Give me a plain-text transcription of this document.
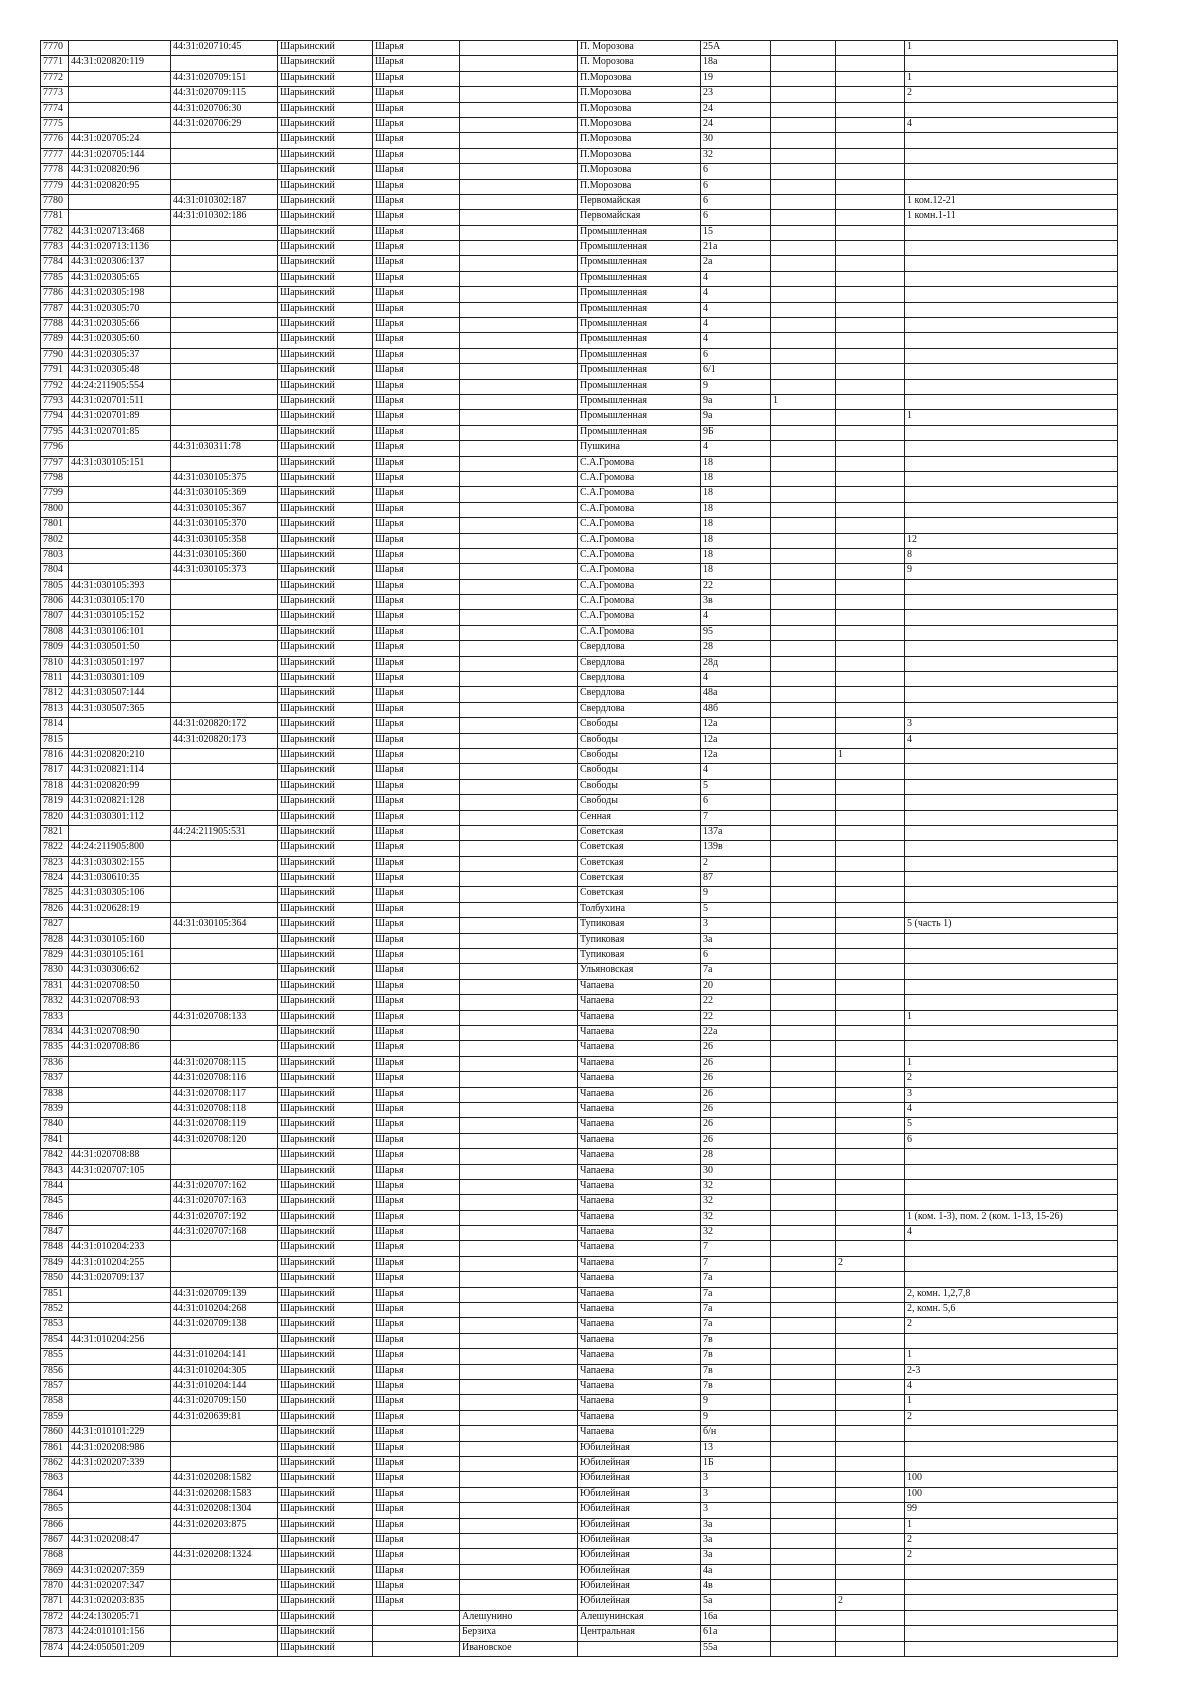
7770		44:31:020710:45	Шарьинский	Шарья		П. Морозова	25А			1
7771	44:31:020820:119		Шарьинский	Шарья		П. Морозова	18а			
7772		44:31:020709:151	Шарьинский	Шарья		П.Морозова	19			1
7773		44:31:020709:115	Шарьинский	Шарья		П.Морозова	23			2
7774		44:31:020706:30	Шарьинский	Шарья		П.Морозова	24			
7775		44:31:020706:29	Шарьинский	Шарья		П.Морозова	24			4
7776	44:31:020705:24		Шарьинский	Шарья		П.Морозова	30			
7777	44:31:020705:144		Шарьинский	Шарья		П.Морозова	32			
7778	44:31:020820:96		Шарьинский	Шарья		П.Морозова	6			
7779	44:31:020820:95		Шарьинский	Шарья		П.Морозова	6			
7780		44:31:010302:187	Шарьинский	Шарья		Первомайская	6			1 ком.12-21
7781		44:31:010302:186	Шарьинский	Шарья		Первомайская	6			1 комн.1-11
7782	44:31:020713:468		Шарьинский	Шарья		Промышленная	15			
7783	44:31:020713:1136		Шарьинский	Шарья		Промышленная	21а			
7784	44:31:020306:137		Шарьинский	Шарья		Промышленная	2а			
7785	44:31:020305:65		Шарьинский	Шарья		Промышленная	4			
7786	44:31:020305:198		Шарьинский	Шарья		Промышленная	4			
7787	44:31:020305:70		Шарьинский	Шарья		Промышленная	4			
7788	44:31:020305:66		Шарьинский	Шарья		Промышленная	4			
7789	44:31:020305:60		Шарьинский	Шарья		Промышленная	4			
7790	44:31:020305:37		Шарьинский	Шарья		Промышленная	6			
7791	44:31:020305:48		Шарьинский	Шарья		Промышленная	6/1			
7792	44:24:211905:554		Шарьинский	Шарья		Промышленная	9			
7793	44:31:020701:511		Шарьинский	Шарья		Промышленная	9а	1		
7794	44:31:020701:89		Шарьинский	Шарья		Промышленная	9а			1
7795	44:31:020701:85		Шарьинский	Шарья		Промышленная	9Б			
7796		44:31:030311:78	Шарьинский	Шарья		Пушкина	4			
7797	44:31:030105:151		Шарьинский	Шарья		С.А.Громова	18			
7798		44:31:030105:375	Шарьинский	Шарья		С.А.Громова	18			
7799		44:31:030105:369	Шарьинский	Шарья		С.А.Громова	18			
7800		44:31:030105:367	Шарьинский	Шарья		С.А.Громова	18			
7801		44:31:030105:370	Шарьинский	Шарья		С.А.Громова	18			
7802		44:31:030105:358	Шарьинский	Шарья		С.А.Громова	18			12
7803		44:31:030105:360	Шарьинский	Шарья		С.А.Громова	18			8
7804		44:31:030105:373	Шарьинский	Шарья		С.А.Громова	18			9
7805	44:31:030105:393		Шарьинский	Шарья		С.А.Громова	22			
7806	44:31:030105:170		Шарьинский	Шарья		С.А.Громова	3в			
7807	44:31:030105:152		Шарьинский	Шарья		С.А.Громова	4			
7808	44:31:030106:101		Шарьинский	Шарья		С.А.Громова	95			
7809	44:31:030501:50		Шарьинский	Шарья		Свердлова	28			
7810	44:31:030501:197		Шарьинский	Шарья		Свердлова	28д			
7811	44:31:030301:109		Шарьинский	Шарья		Свердлова	4			
7812	44:31:030507:144		Шарьинский	Шарья		Свердлова	48а			
7813	44:31:030507:365		Шарьинский	Шарья		Свердлова	48б			
7814		44:31:020820:172	Шарьинский	Шарья		Свободы	12а			3
7815		44:31:020820:173	Шарьинский	Шарья		Свободы	12а			4
7816	44:31:020820:210		Шарьинский	Шарья		Свободы	12а		1	
7817	44:31:020821:114		Шарьинский	Шарья		Свободы	4			
7818	44:31:020820:99		Шарьинский	Шарья		Свободы	5			
7819	44:31:020821:128		Шарьинский	Шарья		Свободы	6			
7820	44:31:030301:112		Шарьинский	Шарья		Сенная	7			
7821		44:24:211905:531	Шарьинский	Шарья		Советская	137а			
7822	44:24:211905:800		Шарьинский	Шарья		Советская	139в			
7823	44:31:030302:155		Шарьинский	Шарья		Советская	2			
7824	44:31:030610:35		Шарьинский	Шарья		Советская	87			
7825	44:31:030305:106		Шарьинский	Шарья		Советская	9			
7826	44:31:020628:19		Шарьинский	Шарья		Толбухина	5			
7827		44:31:030105:364	Шарьинский	Шарья		Тупиковая	3			5 (часть 1)
7828	44:31:030105:160		Шарьинский	Шарья		Тупиковая	3а			
7829	44:31:030105:161		Шарьинский	Шарья		Тупиковая	6			
7830	44:31:030306:62		Шарьинский	Шарья		Ульяновская	7а			
7831	44:31:020708:50		Шарьинский	Шарья		Чапаева	20			
7832	44:31:020708:93		Шарьинский	Шарья		Чапаева	22			
7833		44:31:020708:133	Шарьинский	Шарья		Чапаева	22			1
7834	44:31:020708:90		Шарьинский	Шарья		Чапаева	22а			
7835	44:31:020708:86		Шарьинский	Шарья		Чапаева	26			
7836		44:31:020708:115	Шарьинский	Шарья		Чапаева	26			1
7837		44:31:020708:116	Шарьинский	Шарья		Чапаева	26			2
7838		44:31:020708:117	Шарьинский	Шарья		Чапаева	26			3
7839		44:31:020708:118	Шарьинский	Шарья		Чапаева	26			4
7840		44:31:020708:119	Шарьинский	Шарья		Чапаева	26			5
7841		44:31:020708:120	Шарьинский	Шарья		Чапаева	26			6
7842	44:31:020708:88		Шарьинский	Шарья		Чапаева	28			
7843	44:31:020707:105		Шарьинский	Шарья		Чапаева	30			
7844		44:31:020707:162	Шарьинский	Шарья		Чапаева	32			
7845		44:31:020707:163	Шарьинский	Шарья		Чапаева	32			
7846		44:31:020707:192	Шарьинский	Шарья		Чапаева	32			1 (ком. 1-3), пом. 2 (ком. 1-13, 15-26)
7847		44:31:020707:168	Шарьинский	Шарья		Чапаева	32			4
7848	44:31:010204:233		Шарьинский	Шарья		Чапаева	7			
7849	44:31:010204:255		Шарьинский	Шарья		Чапаева	7		2	
7850	44:31:020709:137		Шарьинский	Шарья		Чапаева	7а			
7851		44:31:020709:139	Шарьинский	Шарья		Чапаева	7а			2, комн. 1,2,7,8
7852		44:31:010204:268	Шарьинский	Шарья		Чапаева	7а			2, комн. 5,6
7853		44:31:020709:138	Шарьинский	Шарья		Чапаева	7а			2
7854	44:31:010204:256		Шарьинский	Шарья		Чапаева	7в			
7855		44:31:010204:141	Шарьинский	Шарья		Чапаева	7в			1
7856		44:31:010204:305	Шарьинский	Шарья		Чапаева	7в			2-3
7857		44:31:010204:144	Шарьинский	Шарья		Чапаева	7в			4
7858		44:31:020709:150	Шарьинский	Шарья		Чапаева	9			1
7859		44:31:020639:81	Шарьинский	Шарья		Чапаева	9			2
7860	44:31:010101:229		Шарьинский	Шарья		Чапаева	б/н			
7861	44:31:020208:986		Шарьинский	Шарья		Юбилейная	13			
7862	44:31:020207:339		Шарьинский	Шарья		Юбилейная	1Б			
7863		44:31:020208:1582	Шарьинский	Шарья		Юбилейная	3			100
7864		44:31:020208:1583	Шарьинский	Шарья		Юбилейная	3			100
7865		44:31:020208:1304	Шарьинский	Шарья		Юбилейная	3			99
7866		44:31:020203:875	Шарьинский	Шарья		Юбилейная	3а			1
7867	44:31:020208:47		Шарьинский	Шарья		Юбилейная	3а			2
7868		44:31:020208:1324	Шарьинский	Шарья		Юбилейная	3а			2
7869	44:31:020207:359		Шарьинский	Шарья		Юбилейная	4а			
7870	44:31:020207:347		Шарьинский	Шарья		Юбилейная	4в			
7871	44:31:020203:835		Шарьинский	Шарья		Юбилейная	5а		2	
7872	44:24:130205:71		Шарьинский		Алешунино	Алешунинская	16а			
7873	44:24:010101:156		Шарьинский		Берзиха	Центральная	61а			
7874	44:24:050501:209		Шарьинский		Ивановское		55а			
